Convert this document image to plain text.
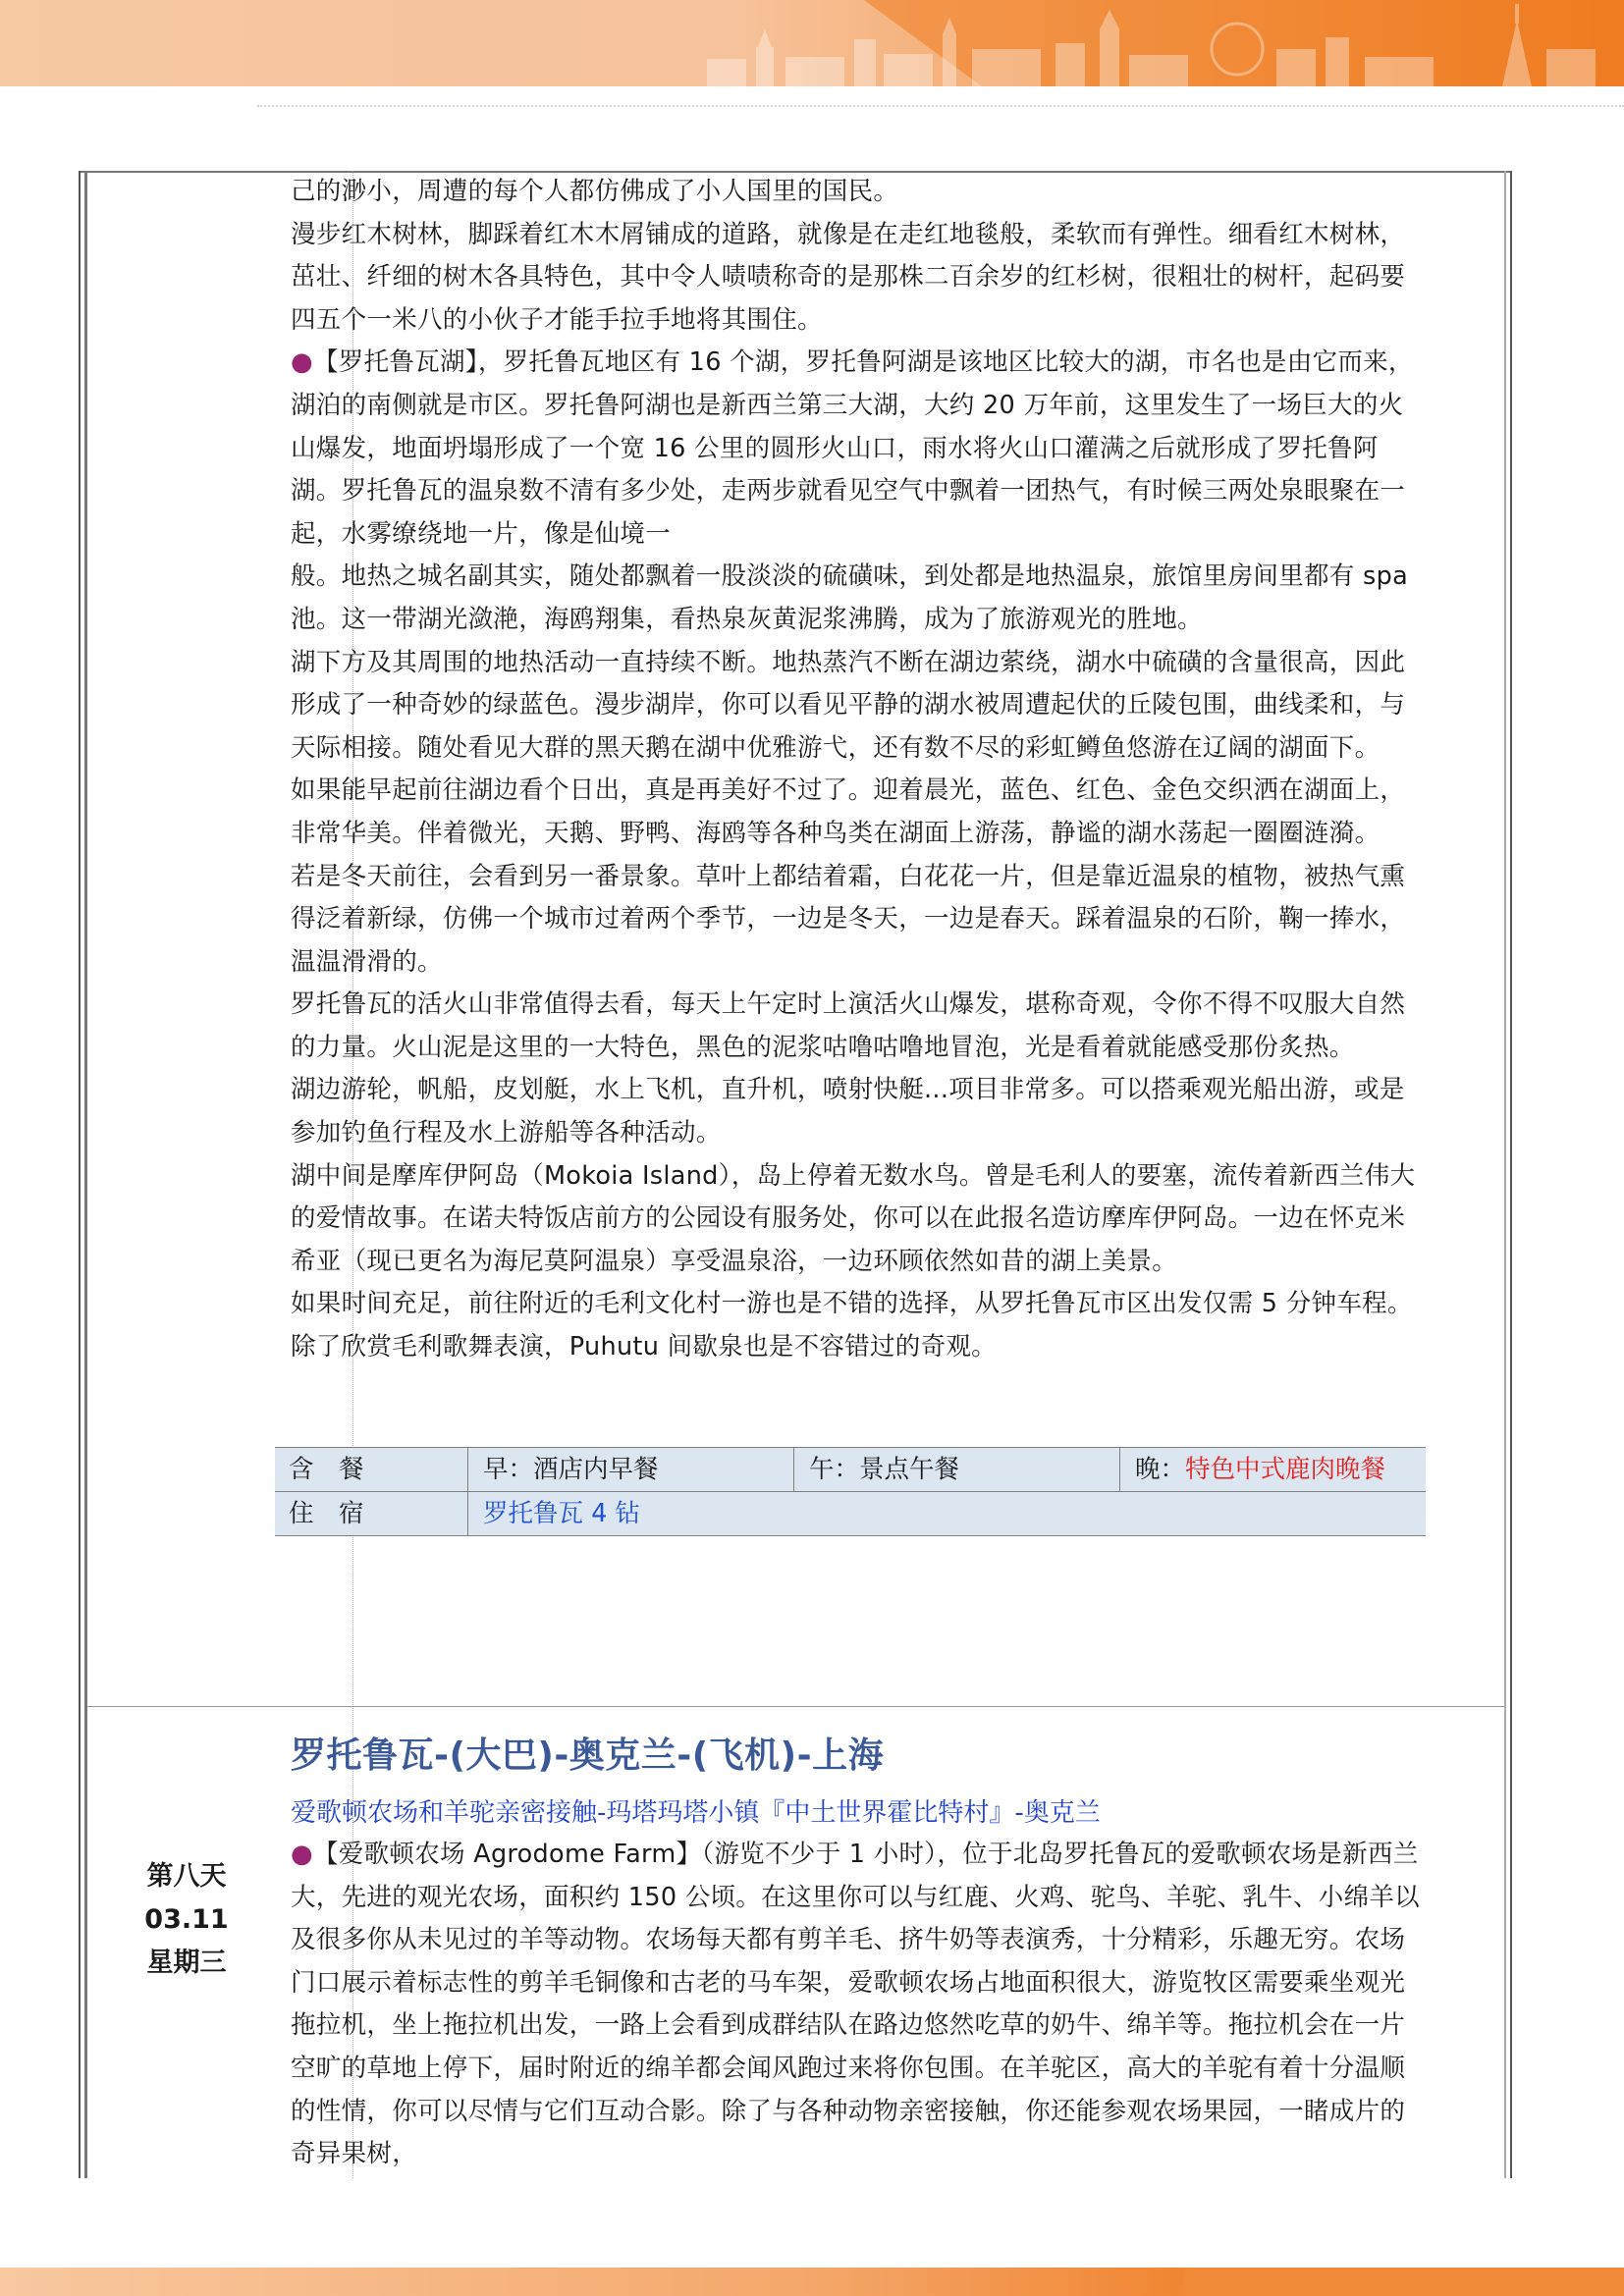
己的渺小，周遭的每个人都仿佛成了小人国里的国民。

漫步红木树林，脚踩着红木木屑铺成的道路，就像是在走红地毯般，柔软而有弹性。细看红木树林，茁壮、纤细的树木各具特色，其中令人啧啧称奇的是那株二百余岁的红杉树，很粗壮的树杆，起码要四五个一米八的小伙子才能手拉手地将其围住。

●【罗托鲁瓦湖】，罗托鲁瓦地区有 16 个湖，罗托鲁阿湖是该地区比较大的湖，市名也是由它而来，湖泊的南侧就是市区。罗托鲁阿湖也是新西兰第三大湖，大约 20 万年前，这里发生了一场巨大的火山爆发，地面坍塌形成了一个宽 16 公里的圆形火山口，雨水将火山口灌满之后就形成了罗托鲁阿湖。罗托鲁瓦的温泉数不清有多少处，走两步就看见空气中飘着一团热气，有时候三两处泉眼聚在一起，水雾缭绕地一片，像是仙境一

般。地热之城名副其实，随处都飘着一股淡淡的硫磺味，到处都是地热温泉，旅馆里房间里都有 spa 池。这一带湖光潋滟，海鸥翔集，看热泉灰黄泥浆沸腾，成为了旅游观光的胜地。

湖下方及其周围的地热活动一直持续不断。地热蒸汽不断在湖边萦绕，湖水中硫磺的含量很高，因此形成了一种奇妙的绿蓝色。漫步湖岸，你可以看见平静的湖水被周遭起伏的丘陵包围，曲线柔和，与天际相接。随处看见大群的黑天鹅在湖中优雅游弋，还有数不尽的彩虹鳟鱼悠游在辽阔的湖面下。

如果能早起前往湖边看个日出，真是再美好不过了。迎着晨光，蓝色、红色、金色交织洒在湖面上，非常华美。伴着微光，天鹅、野鸭、海鸥等各种鸟类在湖面上游荡，静谧的湖水荡起一圈圈涟漪。

若是冬天前往，会看到另一番景象。草叶上都结着霜，白花花一片，但是靠近温泉的植物，被热气熏得泛着新绿，仿佛一个城市过着两个季节，一边是冬天，一边是春天。踩着温泉的石阶，鞠一捧水，温温滑滑的。

罗托鲁瓦的活火山非常值得去看，每天上午定时上演活火山爆发，堪称奇观，令你不得不叹服大自然的力量。火山泥是这里的一大特色，黑色的泥浆咕噜咕噜地冒泡，光是看着就能感受那份炙热。

湖边游轮，帆船，皮划艇，水上飞机，直升机，喷射快艇...项目非常多。可以搭乘观光船出游，或是参加钓鱼行程及水上游船等各种活动。

湖中间是摩库伊阿岛（Mokoia Island），岛上停着无数水鸟。曾是毛利人的要塞，流传着新西兰伟大的爱情故事。在诺夫特饭店前方的公园设有服务处，你可以在此报名造访摩库伊阿岛。一边在怀克米希亚（现已更名为海尼莫阿温泉）享受温泉浴，一边环顾依然如昔的湖上美景。

如果时间充足，前往附近的毛利文化村一游也是不错的选择，从罗托鲁瓦市区出发仅需 5 分钟车程。除了欣赏毛利歌舞表演，Puhutu 间歇泉也是不容错过的奇观。

含　餐	早：酒店内早餐	午：景点午餐	晚：特色中式鹿肉晚餐
住　宿	罗托鲁瓦 4 钻
第八天
03.11
星期三
罗托鲁瓦-(大巴)-奥克兰-(飞机)-上海
爱歌顿农场和羊驼亲密接触-玛塔玛塔小镇『中土世界霍比特村』-奥克兰

●【爱歌顿农场 Agrodome Farm】（游览不少于 1 小时），位于北岛罗托鲁瓦的爱歌顿农场是新西兰大，先进的观光农场，面积约 150 公顷。在这里你可以与红鹿、火鸡、驼鸟、羊驼、乳牛、小绵羊以及很多你从未见过的羊等动物。农场每天都有剪羊毛、挤牛奶等表演秀，十分精彩，乐趣无穷。农场门口展示着标志性的剪羊毛铜像和古老的马车架，爱歌顿农场占地面积很大，游览牧区需要乘坐观光拖拉机，坐上拖拉机出发，一路上会看到成群结队在路边悠然吃草的奶牛、绵羊等。拖拉机会在一片空旷的草地上停下，届时附近的绵羊都会闻风跑过来将你包围。在羊驼区，高大的羊驼有着十分温顺的性情，你可以尽情与它们互动合影。除了与各种动物亲密接触，你还能参观农场果园，一睹成片的奇异果树，
